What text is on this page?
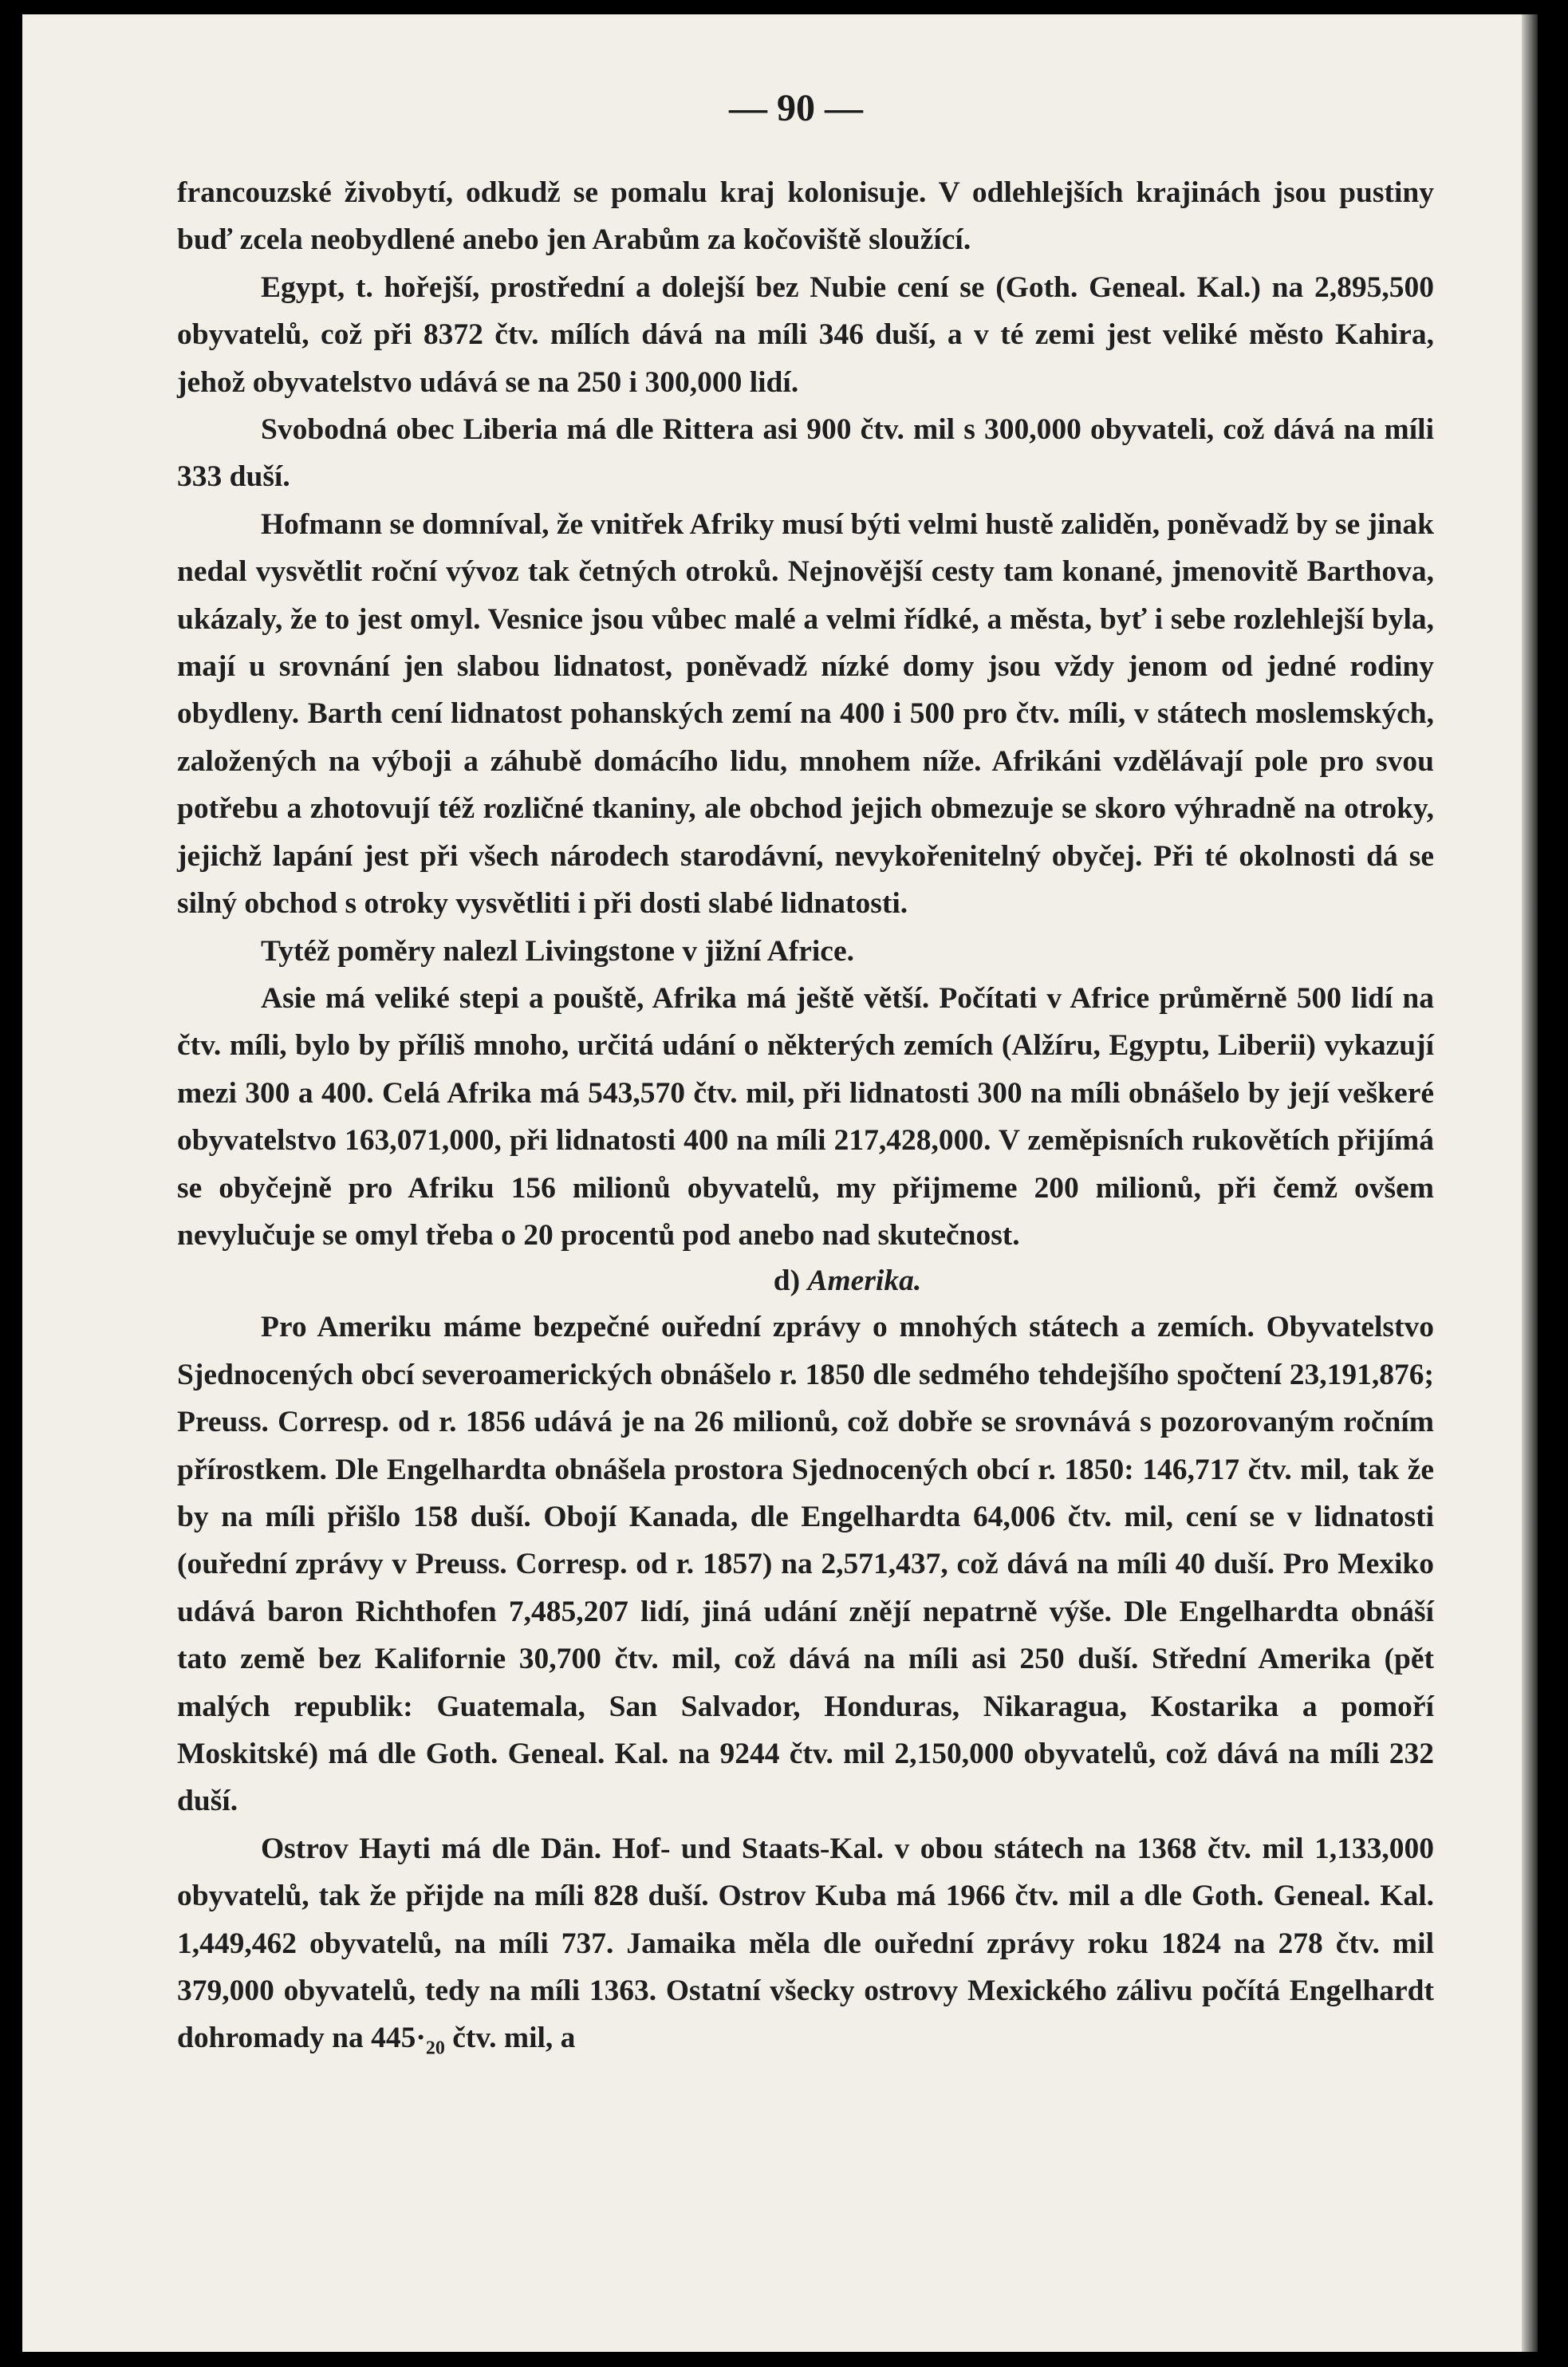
— 90 —

francouzské živobytí, odkudž se pomalu kraj kolonisuje. V odlehlejších krajinách jsou pustiny buď zcela neobydlené anebo jen Arabům za kočoviště sloužící.

Egypt, t. hořejší, prostřední a dolejší bez Nubie cení se (Goth. Geneal. Kal.) na 2,895,500 obyvatelů, což při 8372 čtv. mílích dává na míli 346 duší, a v té zemi jest veliké město Kahira, jehož obyvatelstvo udává se na 250 i 300,000 lidí.

Svobodná obec Liberia má dle Rittera asi 900 čtv. mil s 300,000 obyvateli, což dává na míli 333 duší.

Hofmann se domníval, že vnitřek Afriky musí býti velmi hustě zaliděn, poněvadž by se jinak nedal vysvětlit roční vývoz tak četných otroků. Nejnovější cesty tam konané, jmenovitě Barthova, ukázaly, že to jest omyl. Vesnice jsou vůbec malé a velmi řídké, a města, byť i sebe rozlehlejší byla, mají u srovnání jen slabou lidnatost, poněvadž nízké domy jsou vždy jenom od jedné rodiny obydleny. Barth cení lidnatost pohanských zemí na 400 i 500 pro čtv. míli, v státech moslemských, založených na výboji a záhubě domácího lidu, mnohem níže. Afrikáni vzdělávají pole pro svou potřebu a zhotovují též rozličné tkaniny, ale obchod jejich obmezuje se skoro výhradně na otroky, jejichž lapání jest při všech národech starodávní, nevykořenitelný obyčej. Při té okolnosti dá se silný obchod s otroky vysvětliti i při dosti slabé lidnatosti.

Tytéž poměry nalezl Livingstone v jižní Africe.

Asie má veliké stepi a pouště, Afrika má ještě větší. Počítati v Africe průměrně 500 lidí na čtv. míli, bylo by příliš mnoho, určitá udání o některých zemích (Alžíru, Egyptu, Liberii) vykazují mezi 300 a 400. Celá Afrika má 543,570 čtv. mil, při lidnatosti 300 na míli obnášelo by její veškeré obyvatelstvo 163,071,000, při lidnatosti 400 na míli 217,428,000. V zeměpisních rukovětích přijímá se obyčejně pro Afriku 156 milionů obyvatelů, my přijmeme 200 milionů, při čemž ovšem nevylučuje se omyl třeba o 20 procentů pod anebo nad skutečnost.

d) Amerika.

Pro Ameriku máme bezpečné ouřední zprávy o mnohých státech a zemích. Obyvatelstvo Sjednocených obcí severoamerických obnášelo r. 1850 dle sedmého tehdejšího spočtení 23,191,876; Preuss. Corresp. od r. 1856 udává je na 26 milionů, což dobře se srovnává s pozorovaným ročním přírostkem. Dle Engelhardta obnášela prostora Sjednocených obcí r. 1850: 146,717 čtv. mil, tak že by na míli přišlo 158 duší. Obojí Kanada, dle Engelhardta 64,006 čtv. mil, cení se v lidnatosti (ouřední zprávy v Preuss. Corresp. od r. 1857) na 2,571,437, což dává na míli 40 duší. Pro Mexiko udává baron Richthofen 7,485,207 lidí, jiná udání znějí nepatrně výše. Dle Engelhardta obnáší tato země bez Kalifornie 30,700 čtv. mil, což dává na míli asi 250 duší. Střední Amerika (pět malých republik: Guatemala, San Salvador, Honduras, Nikaragua, Kostarika a pomoří Moskitské) má dle Goth. Geneal. Kal. na 9244 čtv. mil 2,150,000 obyvatelů, což dává na míli 232 duší.

Ostrov Hayti má dle Dän. Hof- und Staats-Kal. v obou státech na 1368 čtv. mil 1,133,000 obyvatelů, tak že přijde na míli 828 duší. Ostrov Kuba má 1966 čtv. mil a dle Goth. Geneal. Kal. 1,449,462 obyvatelů, na míli 737. Jamaika měla dle ouřední zprávy roku 1824 na 278 čtv. mil 379,000 obyvatelů, tedy na míli 1363. Ostatní všecky ostrovy Mexického zálivu počítá Engelhardt dohromady na $445\cdot_{20}$ čtv. mil, a
